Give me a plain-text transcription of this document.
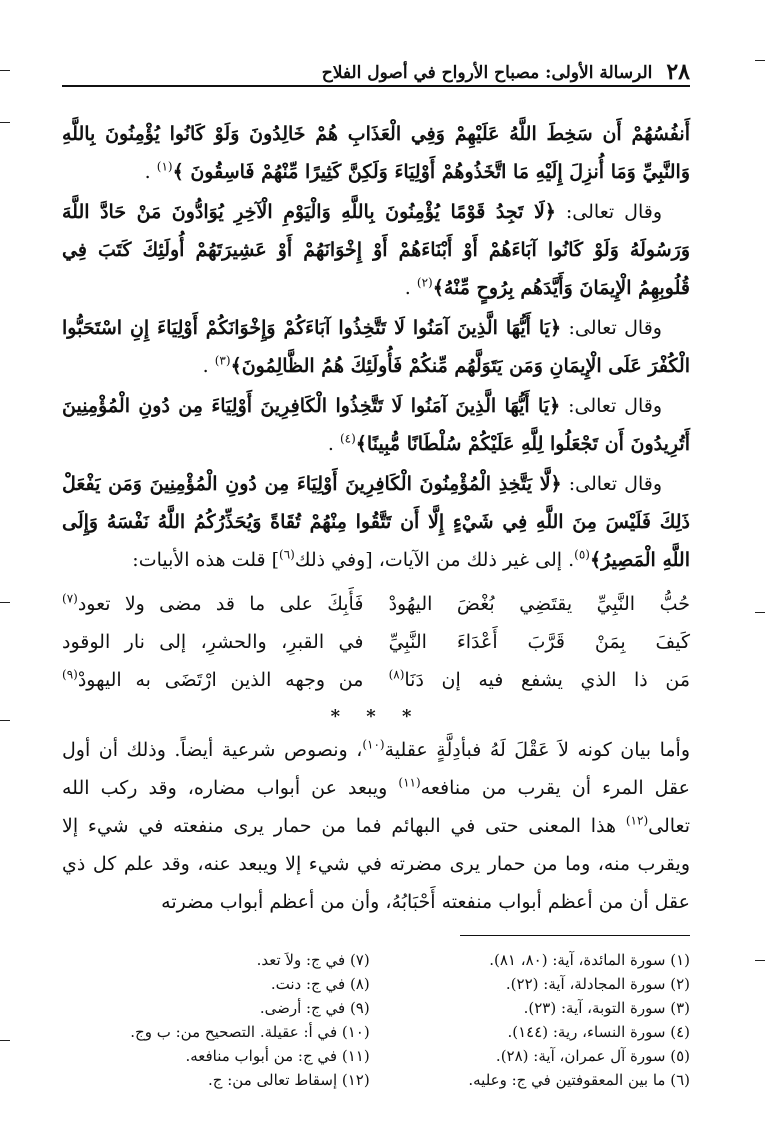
٢٨
الرسالة الأولى: مصباح الأرواح في أصول الفلاح

أَنفُسُهُمْ أَن سَخِطَ اللَّهُ عَلَيْهِمْ وَفِي الْعَذَابِ هُمْ خَالِدُونَ وَلَوْ كَانُوا يُؤْمِنُونَ بِاللَّهِ وَالنَّبِيِّ وَمَا أُنزِلَ إِلَيْهِ مَا اتَّخَذُوهُمْ أَوْلِيَاءَ وَلَكِنَّ كَثِيرًا مِّنْهُمْ فَاسِقُونَ ﴾$^{(١)}$ .

وقال تعالى: ﴿لَا تَجِدُ قَوْمًا يُؤْمِنُونَ بِاللَّهِ وَالْيَوْمِ الْآخِرِ يُوَادُّونَ مَنْ حَادَّ اللَّهَ وَرَسُولَهُ وَلَوْ كَانُوا آبَاءَهُمْ أَوْ أَبْنَاءَهُمْ أَوْ إِخْوَانَهُمْ أَوْ عَشِيرَتَهُمْ أُولَئِكَ كَتَبَ فِي قُلُوبِهِمُ الْإِيمَانَ وَأَيَّدَهُم بِرُوحٍ مِّنْهُ﴾$^{(٢)}$ .

وقال تعالى: ﴿يَا أَيُّهَا الَّذِينَ آمَنُوا لَا تَتَّخِذُوا آبَاءَكُمْ وَإِخْوَانَكُمْ أَوْلِيَاءَ إِنِ اسْتَحَبُّوا الْكُفْرَ عَلَى الْإِيمَانِ وَمَن يَتَوَلَّهُم مِّنكُمْ فَأُولَئِكَ هُمُ الظَّالِمُونَ﴾$^{(٣)}$ .

وقال تعالى: ﴿يَا أَيُّهَا الَّذِينَ آمَنُوا لَا تَتَّخِذُوا الْكَافِرِينَ أَوْلِيَاءَ مِن دُونِ الْمُؤْمِنِينَ أَتُرِيدُونَ أَن تَجْعَلُوا لِلَّهِ عَلَيْكُمْ سُلْطَانًا مُّبِينًا﴾$^{(٤)}$ .

وقال تعالى: ﴿لَّا يَتَّخِذِ الْمُؤْمِنُونَ الْكَافِرِينَ أَوْلِيَاءَ مِن دُونِ الْمُؤْمِنِينَ وَمَن يَفْعَلْ ذَلِكَ فَلَيْسَ مِنَ اللَّهِ فِي شَيْءٍ إِلَّا أَن تَتَّقُوا مِنْهُمْ تُقَاةً وَيُحَذِّرُكُمُ اللَّهُ نَفْسَهُ وَإِلَى اللَّهِ الْمَصِيرُ﴾$^{(٥)}$. إلى غير ذلك من الآيات، [وفي ذلك$^{(٦)}$] قلت هذه الأبيات:

حُبُّ النَّبِيِّ يقتَضِي بُغْضَ اليهُودْ
فَأَبِكَ على ما قد مضى ولا تعود$^{(٧)}$
كَيفَ بِمَنْ قَرَّبَ أَعْدَاءَ النَّبِيِّ
في القبرِ، والحشرِ، إلى نار الوقود
مَن ذا الذي يشفع فيه إن دَنَا$^{(٨)}$
من وجهه الذين ارْتَضَى به اليهودْ$^{(٩)}$
* * *

وأما بيان كونه لاَ عَقْلَ لَهُ فبأدِلَّةٍ عقلية$^{(١٠)}$، ونصوص شرعية أيضاً. وذلك أن أول عقل المرء أن يقرب من منافعه$^{(١١)}$ ويبعد عن أبواب مضاره، وقد ركب الله تعالى$^{(١٢)}$ هذا المعنى حتى في البهائم فما من حمار يرى منفعته في شيء إلا ويقرب منه، وما من حمار يرى مضرته في شيء إلا ويبعد عنه، وقد علم كل ذي عقل أن من أعظم أبواب منفعته أَحْبَابُهُ، وأن من أعظم أبواب مضرته

(١) سورة المائدة، آية: (٨٠، ٨١).
(٢) سورة المجادلة، آية: (٢٢).
(٣) سورة التوبة، آية: (٢٣).
(٤) سورة النساء، رية: (١٤٤).
(٥) سورة آل عمران، آية: (٢٨).
(٦) ما بين المعقوفتين في ج: وعليه.
(٧) في ج: ولاَ تعد.
(٨) في ج: دنت.
(٩) في ج: أرضى.
(١٠) في أ: عقيلة. التصحيح من: ب وج.
(١١) في ج: من أبواب منافعه.
(١٢) إسقاط تعالى من: ج.
